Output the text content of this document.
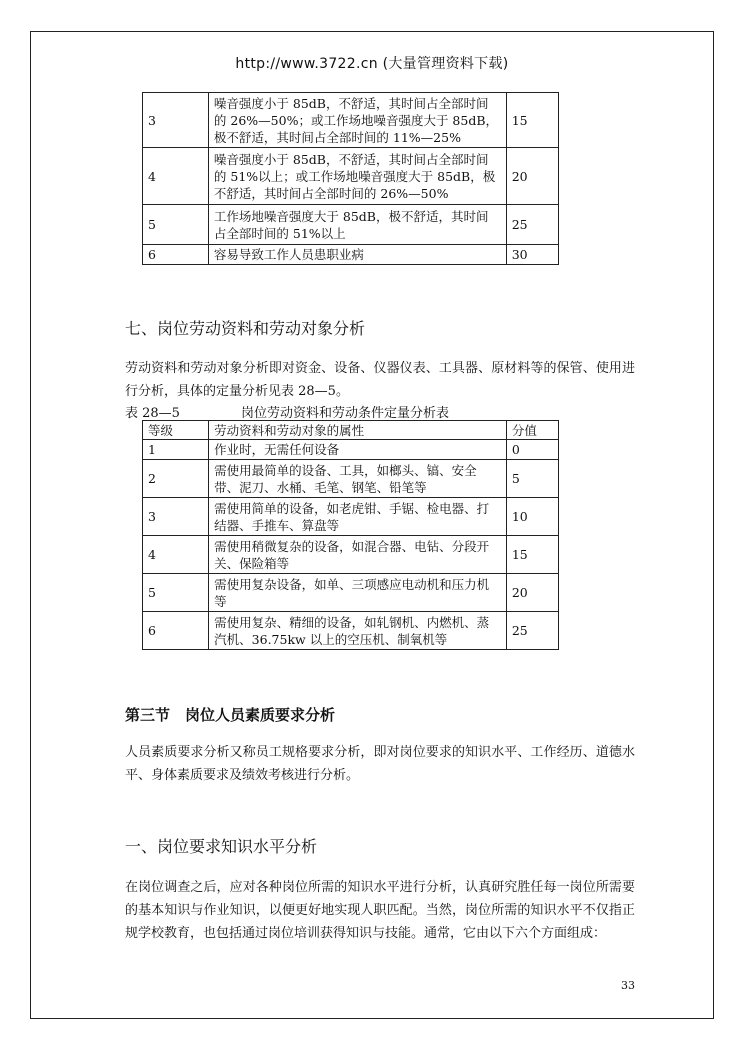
http://www.3722.cn (大量管理资料下载)
3	噪音强度小于 85dB，不舒适，其时间占全部时间的 26%—50%；或工作场地噪音强度大于 85dB，极不舒适，其时间占全部时间的 11%—25%	15
4	噪音强度小于 85dB，不舒适，其时间占全部时间的 51%以上；或工作场地噪音强度大于 85dB，极不舒适，其时间占全部时间的 26%—50%	20
5	工作场地噪音强度大于 85dB，极不舒适，其时间占全部时间的 51%以上	25
6	容易导致工作人员患职业病	30
七、岗位劳动资料和劳动对象分析
劳动资料和劳动对象分析即对资金、设备、仪器仪表、工具器、原材料等的保管、使用进行分析，具体的定量分析见表 28—5。
表 28—5	岗位劳动资料和劳动条件定量分析表
等级	劳动资料和劳动对象的属性	分值
1	作业时，无需任何设备	0
2	需使用最简单的设备、工具，如榔头、镐、安全带、泥刀、水桶、毛笔、钢笔、铅笔等	5
3	需使用简单的设备，如老虎钳、手锯、检电器、打结器、手推车、算盘等	10
4	需使用稍微复杂的设备，如混合器、电钻、分段开关、保险箱等	15
5	需使用复杂设备，如单、三项感应电动机和压力机等	20
6	需使用复杂、精细的设备，如轧钢机、内燃机、蒸汽机、36.75kw 以上的空压机、制氧机等	25
第三节　岗位人员素质要求分析
人员素质要求分析又称员工规格要求分析，即对岗位要求的知识水平、工作经历、道德水平、身体素质要求及绩效考核进行分析。
一、岗位要求知识水平分析
在岗位调查之后，应对各种岗位所需的知识水平进行分析，认真研究胜任每一岗位所需要的基本知识与作业知识，以便更好地实现人职匹配。当然，岗位所需的知识水平不仅指正规学校教育，也包括通过岗位培训获得知识与技能。通常，它由以下六个方面组成：
33
